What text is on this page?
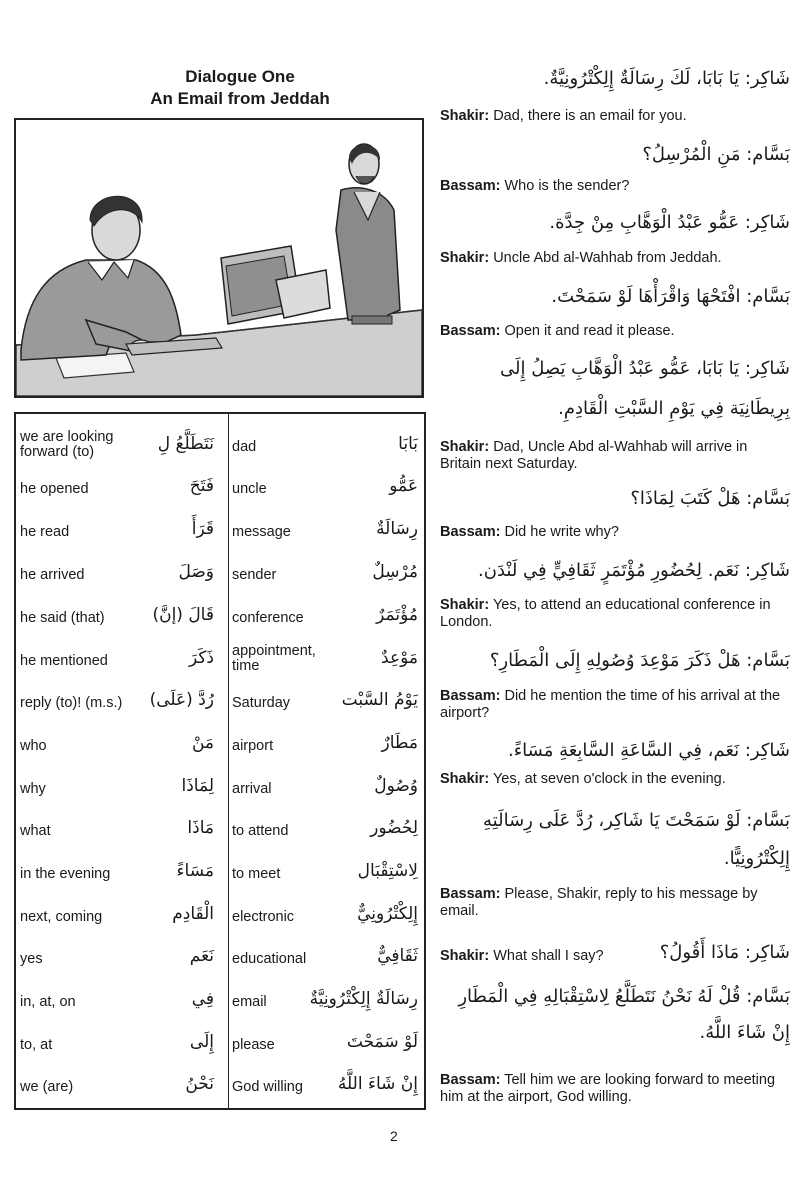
Dialogue One
An Email from Jeddah
we are looking forward (to)	نَتَطَلَّعُ لِ dad	بَابَا
he opened	فَتَحَ uncle	عَمُّو
he read	قَرَأَ message	رِسَالَةٌ
he arrived	وَصَلَ sender	مُرْسِلٌ
he said (that)	قَالَ (إنَّ) conference	مُؤْتَمَرٌ
he mentioned	ذَكَرَ appointment, time	مَوْعِدٌ
reply (to)! (m.s.)	رُدَّ (عَلَى) Saturday	يَوْمُ السَّبْت
who	مَنْ airport	مَطَارٌ
why	لِمَاذَا arrival	وُصُولٌ
what	مَاذَا to attend	لِحُضُور
in the evening	مَسَاءً to meet	لِاسْتِقْبَال
next, coming	الْقَادِم electronic	إِلِكْتْرُونِيٌّ
yes	نَعَم educational	ثَقَافِيٌّ
in, at, on	فِي email	رِسَالَةٌ إِلِكْتْرُونِيَّةٌ
to, at	إِلَى please	لَوْ سَمَحْتَ
we (are)	نَحْنُ God willing	إِنْ شَاءَ اللَّهُ
شَاكِر: يَا بَابَا، لَكَ رِسَالَةٌ إِلِكْتْرُونِيَّةٌ.
Shakir: Dad, there is an email for you.
بَسَّام: مَنِ الْمُرْسِلُ؟
Bassam: Who is the sender?
شَاكِر: عَمُّو عَبْدُ الْوَهَّابِ مِنْ جِدَّة.
Shakir: Uncle Abd al-Wahhab from Jeddah.
بَسَّام: افْتَحْهَا وَاقْرَأْهَا لَوْ سَمَحْتَ.
Bassam: Open it and read it please.
شَاكِر: يَا بَابَا، عَمُّو عَبْدُ الْوَهَّابِ يَصِلُ إِلَى
بِرِيطَانِيَة فِي يَوْمِ السَّبْتِ الْقَادِمِ.
Shakir: Dad, Uncle Abd al-Wahhab will arrive in Britain next Saturday.
بَسَّام: هَلْ كَتَبَ لِمَاذَا؟
Bassam: Did he write why?
شَاكِر: نَعَم. لِحُضُورِ مُؤْتَمَرٍ ثَقَافِيٍّ فِي لَنْدَن.
Shakir: Yes, to attend an educational conference in London.
بَسَّام: هَلْ ذَكَرَ مَوْعِدَ وُصُولِهِ إِلَى الْمَطَارِ؟
Bassam: Did he mention the time of his arrival at the airport?
شَاكِر: نَعَم، فِي السَّاعَةِ السَّابِعَةِ مَسَاءً.
Shakir: Yes, at seven o'clock in the evening.
بَسَّام: لَوْ سَمَحْتَ يَا شَاكِر، رُدَّ عَلَى رِسَالَتِهِ
إِلِكْتْرُونِيًّا.
Bassam: Please, Shakir, reply to his message by email.
Shakir: What shall I say?	شَاكِر: مَاذَا أَقُولُ؟
بَسَّام: قُلْ لَهُ نَحْنُ نَتَطَلَّعُ لِاسْتِقْبَالِهِ فِي الْمَطَارِ
إِنْ شَاءَ اللَّهُ.
Bassam: Tell him we are looking forward to meeting him at the airport, God willing.
2
